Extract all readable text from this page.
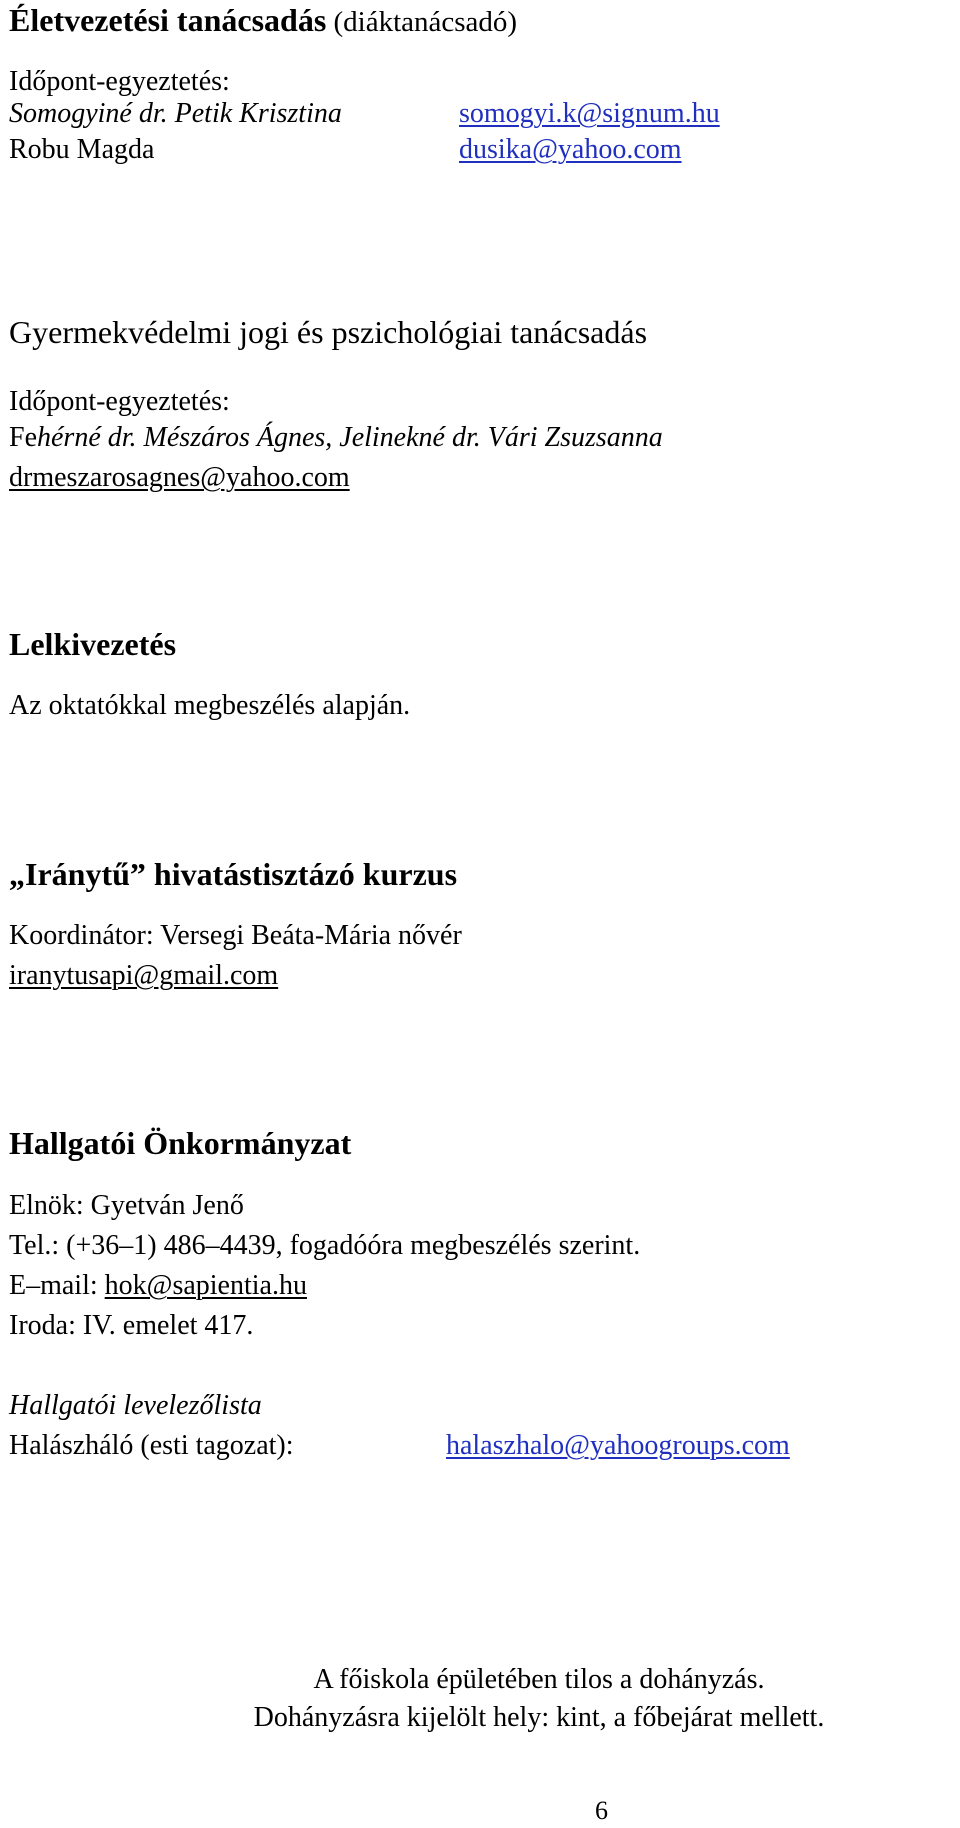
Életvezetési tanácsadás (diáktanácsadó)
Időpont-egyeztetés:
Somogyiné dr. Petik Krisztina	somogyi.k@signum.hu
Robu Magda	dusika@yahoo.com
Gyermekvédelmi jogi és pszichológiai tanácsadás
Időpont-egyeztetés:
Fehérné dr. Mészáros Ágnes, Jelinekné dr. Vári Zsuzsanna
drmeszarosagnes@yahoo.com
Lelkivezetés
Az oktatókkal megbeszélés alapján.
„Iránytű” hivatástisztázó kurzus
Koordinátor: Versegi Beáta-Mária nővér
iranytusapi@gmail.com
Hallgatói Önkormányzat
Elnök: Gyetván Jenő
Tel.: (+36–1) 486–4439, fogadóóra megbeszélés szerint.
E–mail: hok@sapientia.hu
Iroda: IV. emelet 417.
Hallgatói levelezőlista
Halászháló (esti tagozat):	halaszhalo@yahoogroups.com
A főiskola épületében tilos a dohányzás.
Dohányzásra kijelölt hely: kint, a főbejárat mellett.
6
